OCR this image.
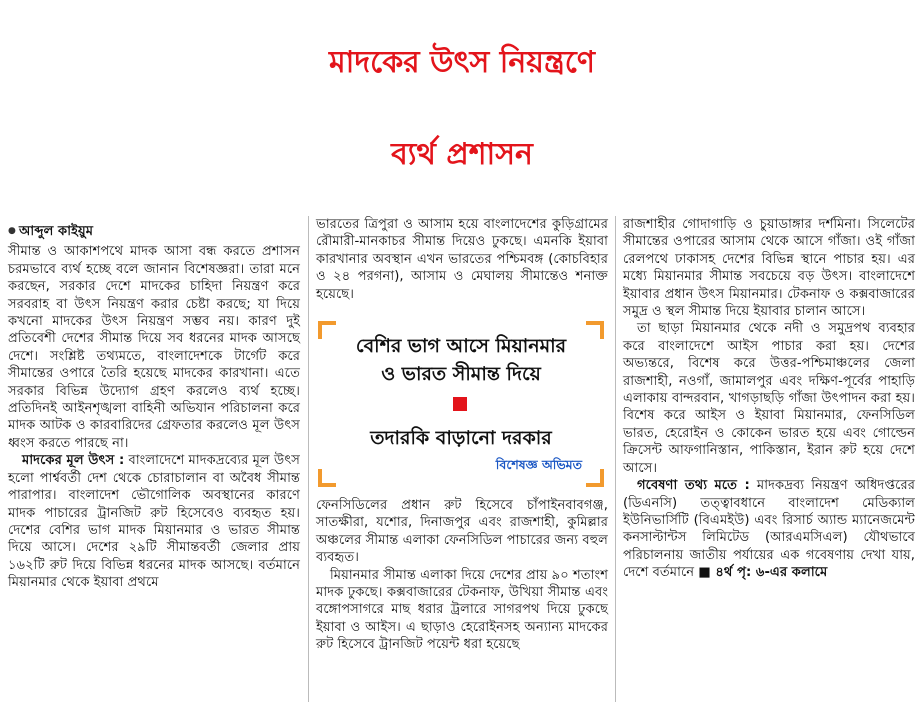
মাদকের উৎস নিয়ন্ত্রণে
ব্যর্থ প্রশাসন

● আব্দুল কাইয়ুম

সীমান্ত ও আকাশপথে মাদক আসা বন্ধ করতে প্রশাসন চরমভাবে ব্যর্থ হচ্ছে বলে জানান বিশেষজ্ঞরা। তারা মনে করছেন, সরকার দেশে মাদকের চাহিদা নিয়ন্ত্রণ করে সরবরাহ বা উৎস নিয়ন্ত্রণ করার চেষ্টা করছে; যা দিয়ে কখনো মাদকের উৎস নিয়ন্ত্রণ সম্ভব নয়। কারণ দুই প্রতিবেশী দেশের সীমান্ত দিয়ে সব ধরনের মাদক আসছে দেশে। সংশ্লিষ্ট তথ্যমতে, বাংলাদেশকে টার্গেট করে সীমান্তের ওপারে তৈরি হয়েছে মাদকের কারখানা। এতে সরকার বিভিন্ন উদ্যোগ গ্রহণ করলেও ব্যর্থ হচ্ছে। প্রতিদিনই আইনশৃঙ্খলা বাহিনী অভিযান পরিচালনা করে মাদক আটক ও কারবারিদের গ্রেফতার করলেও মূল উৎস ধ্বংস করতে পারছে না।

মাদকের মূল উৎস : বাংলাদেশে মাদকদ্রব্যের মূল উৎস হলো পার্শ্ববর্তী দেশ থেকে চোরাচালান বা অবৈধ সীমান্ত পারাপার। বাংলাদেশ ভৌগোলিক অবস্থানের কারণে মাদক পাচারের ট্রানজিট রুট হিসেবেও ব্যবহৃত হয়। দেশের বেশির ভাগ মাদক মিয়ানমার ও ভারত সীমান্ত দিয়ে আসে। দেশের ২৯টি সীমান্তবর্তী জেলার প্রায় ১৬২টি রুট দিয়ে বিভিন্ন ধরনের মাদক আসছে। বর্তমানে মিয়ানমার থেকে ইয়াবা প্রথমে

ভারতের ত্রিপুরা ও আসাম হয়ে বাংলাদেশের কুড়িগ্রামের রৌমারী-মানকাচর সীমান্ত দিয়েও ঢুকছে। এমনকি ইয়াবা কারখানার অবস্থান এখন ভারতের পশ্চিমবঙ্গ (কোচবিহার ও ২৪ পরগনা), আসাম ও মেঘালয় সীমান্তেও শনাক্ত হয়েছে।

বেশির ভাগ আসে মিয়ানমার
ও ভারত সীমান্ত দিয়ে
তদারকি বাড়ানো দরকার
বিশেষজ্ঞ অভিমত

ফেনসিডিলের প্রধান রুট হিসেবে চাঁপাইনবাবগঞ্জ, সাতক্ষীরা, যশোর, দিনাজপুর এবং রাজশাহী, কুমিল্লার অঞ্চলের সীমান্ত এলাকা ফেনসিডিল পাচারের জন্য বহুল ব্যবহৃত।

মিয়ানমার সীমান্ত এলাকা দিয়ে দেশের প্রায় ৯০ শতাংশ মাদক ঢুকছে। কক্সবাজারের টেকনাফ, উখিয়া সীমান্ত এবং বঙ্গোপসাগরে মাছ ধরার ট্রলারে সাগরপথ দিয়ে ঢুকছে ইয়াবা ও আইস। এ ছাড়াও হেরোইনসহ অন্যান্য মাদকের রুট হিসেবে ট্রানজিট পয়েন্ট ধরা হয়েছে

রাজশাহীর গোদাগাড়ি ও চুয়াডাঙ্গার দর্শমিনা। সিলেটের সীমান্তের ওপারের আসাম থেকে আসে গাঁজা। ওই গাঁজা রেলপথে ঢাকাসহ দেশের বিভিন্ন স্থানে পাচার হয়। এর মধ্যে মিয়ানমার সীমান্ত সবচেয়ে বড় উৎস। বাংলাদেশে ইয়াবার প্রধান উৎস মিয়ানমার। টেকনাফ ও কক্সবাজারের সমুদ্র ও স্থল সীমান্ত দিয়ে ইয়াবার চালান আসে।

তা ছাড়া মিয়ানমার থেকে নদী ও সমুদ্রপথ ব্যবহার করে বাংলাদেশে আইস পাচার করা হয়। দেশের অভ্যন্তরে, বিশেষ করে উত্তর-পশ্চিমাঞ্চলের জেলা রাজশাহী, নওগাঁ, জামালপুর এবং দক্ষিণ-পূর্বের পাহাড়ি এলাকায় বান্দরবান, খাগড়াছড়ি গাঁজা উৎপাদন করা হয়। বিশেষ করে আইস ও ইয়াবা মিয়ানমার, ফেনসিডিল ভারত, হেরোইন ও কোকেন ভারত হয়ে এবং গোল্ডেন ক্রিসেন্ট আফগানিস্তান, পাকিস্তান, ইরান রুট হয়ে দেশে আসে।

গবেষণা তথ্য মতে : মাদকদ্রব্য নিয়ন্ত্রণ অধিদপ্তরের (ডিএনসি) তত্ত্বাবধানে বাংলাদেশ মেডিক্যাল ইউনিভার্সিটি (বিএমইউ) এবং রিসার্চ অ্যান্ড ম্যানেজমেন্ট কনসাল্টান্টস লিমিটেড (আরএমসিএল) যৌথভাবে পরিচালনায় জাতীয় পর্যায়ের এক গবেষণায় দেখা যায়, দেশে বর্তমানে ■ ৪র্থ পৃ: ৬-এর কলামে
